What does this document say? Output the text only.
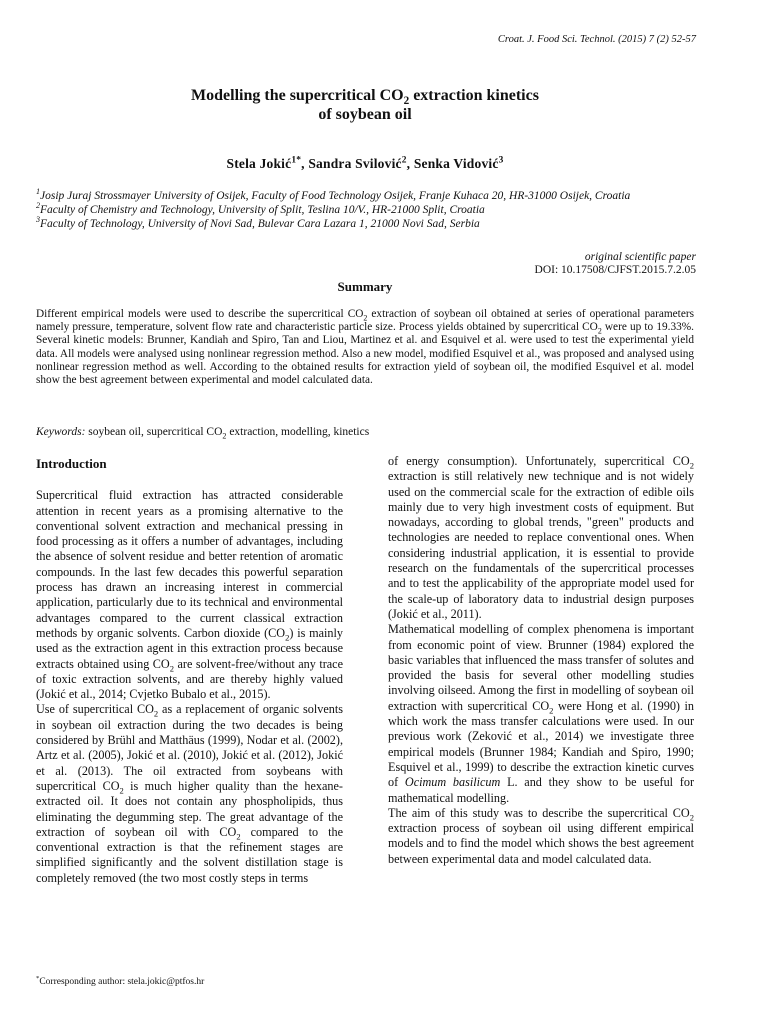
Croat. J. Food Sci. Technol. (2015) 7 (2) 52-57
Modelling the supercritical $CO_2$ extraction kinetics
of soybean oil
Stela Jokić$^{1*}$, Sandra Svilović$^2$, Senka Vidović$^3$
$^1$Josip Juraj Strossmayer University of Osijek, Faculty of Food Technology Osijek, Franje Kuhaca 20, HR-31000 Osijek, Croatia
$^2$Faculty of Chemistry and Technology, University of Split, Teslina 10/V., HR-21000 Split, Croatia
$^3$Faculty of Technology, University of Novi Sad, Bulevar Cara Lazara 1, 21000 Novi Sad, Serbia
original scientific paper
DOI: 10.17508/CJFST.2015.7.2.05
Summary
Different empirical models were used to describe the supercritical $CO_2$ extraction of soybean oil obtained at series of operational parameters namely pressure, temperature, solvent flow rate and characteristic particle size. Process yields obtained by supercritical $CO_2$ were up to 19.33%. Several kinetic models: Brunner, Kandiah and Spiro, Tan and Liou, Martinez et al. and Esquivel et al. were used to test the experimental yield data. All models were analysed using nonlinear regression method. Also a new model, modified Esquivel et al., was proposed and analysed using nonlinear regression method as well. According to the obtained results for extraction yield of soybean oil, the modified Esquivel et al. model show the best agreement between experimental and model calculated data.
Keywords: soybean oil, supercritical $CO_2$ extraction, modelling, kinetics
Introduction

Supercritical fluid extraction has attracted considerable attention in recent years as a promising alternative to the conventional solvent extraction and mechanical pressing in food processing as it offers a number of advantages, including the absence of solvent residue and better retention of aromatic compounds. In the last few decades this powerful separation process has drawn an increasing interest in commercial application, particularly due to its technical and environmental advantages compared to the current classical extraction methods by organic solvents. Carbon dioxide $(CO_2)$ is mainly used as the extraction agent in this extraction process because extracts obtained using $CO_2$ are solvent-free/without any trace of toxic extraction solvents, and are thereby highly valued (Jokić et al., 2014; Cvjetko Bubalo et al., 2015).

Use of supercritical $CO_2$ as a replacement of organic solvents in soybean oil extraction during the two decades is being considered by Brühl and Matthäus (1999), Nodar et al. (2002), Artz et al. (2005), Jokić et al. (2010), Jokić et al. (2012), Jokić et al. (2013). The oil extracted from soybeans with supercritical $CO_2$ is much higher quality than the hexane-extracted oil. It does not contain any phospholipids, thus eliminating the degumming step. The great advantage of the extraction of soybean oil with $CO_2$ compared to the conventional extraction is that the refinement stages are simplified significantly and the solvent distillation stage is completely removed (the two most costly steps in terms

of energy consumption). Unfortunately, supercritical $CO_2$ extraction is still relatively new technique and is not widely used on the commercial scale for the extraction of edible oils mainly due to very high investment costs of equipment. But nowadays, according to global trends, "green" products and technologies are needed to replace conventional ones. When considering industrial application, it is essential to provide research on the fundamentals of the supercritical processes and to test the applicability of the appropriate model used for the scale-up of laboratory data to industrial design purposes (Jokić et al., 2011).

Mathematical modelling of complex phenomena is important from economic point of view. Brunner (1984) explored the basic variables that influenced the mass transfer of solutes and provided the basis for several other modelling studies involving oilseed. Among the first in modelling of soybean oil extraction with supercritical $CO_2$ were Hong et al. (1990) in which work the mass transfer calculations were used. In our previous work (Zeković et al., 2014) we investigate three empirical models (Brunner 1984; Kandiah and Spiro, 1990; Esquivel et al., 1999) to describe the extraction kinetic curves of Ocimum basilicum L. and they show to be useful for mathematical modelling.

The aim of this study was to describe the supercritical $CO_2$ extraction process of soybean oil using different empirical models and to find the model which shows the best agreement between experimental data and model calculated data.

*Corresponding author: stela.jokic@ptfos.hr
